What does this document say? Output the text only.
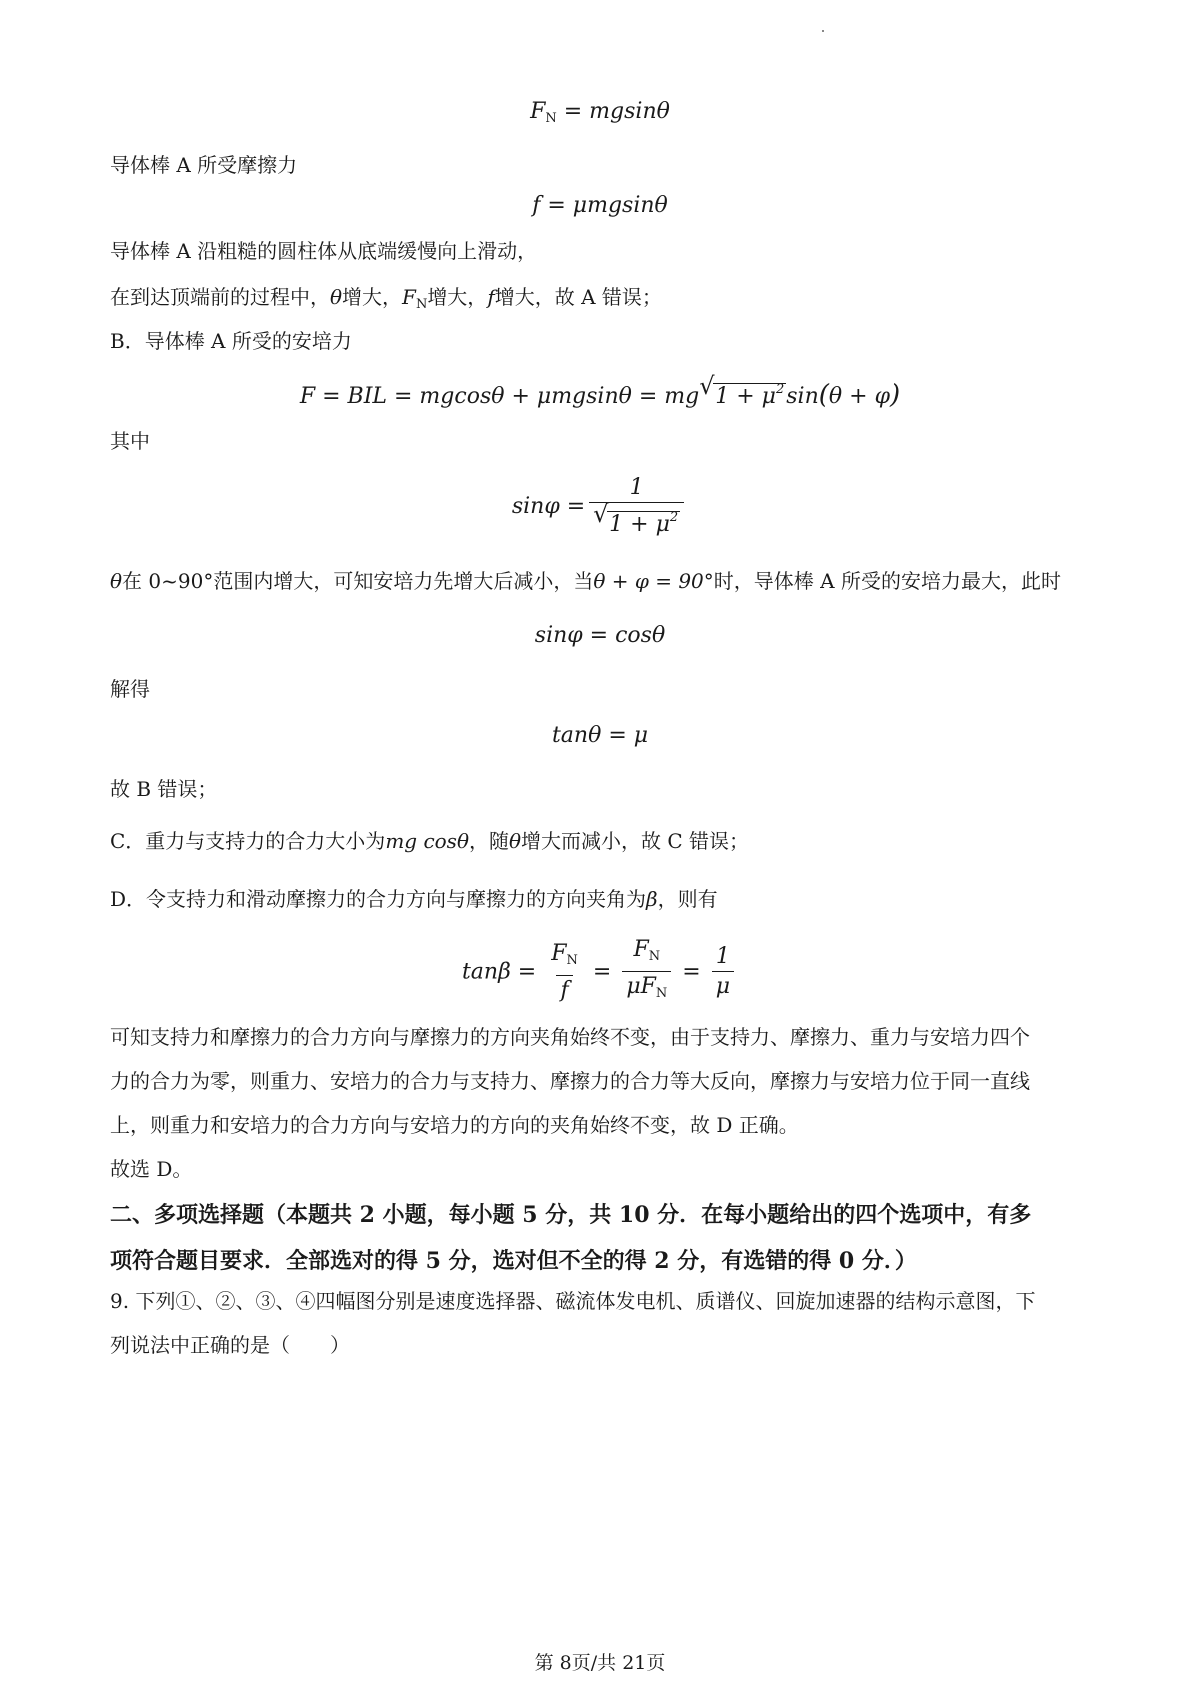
$F_N = mgsin\theta$
导体棒 A 所受摩擦力
f = μmgsinθ
导体棒 A 沿粗糙的圆柱体从底端缓慢向上滑动，
在到达顶端前的过程中，θ增大，$F_N$增大，f增大，故 A 错误；
B．导体棒 A 所受的安培力
F = BIL = mgcosθ + μmgsinθ = mg √ $1 + \mu^2\sin(\theta + \varphi)$
其中
$\sin\varphi = \frac{1}{√ 1 + \mu^2}$
θ在 0~90°范围内增大，可知安培力先增大后减小，当θ + φ = 90°时，导体棒 A 所受的安培力最大，此时
sinφ = cosθ
解得
tanθ = μ
故 B 错误；
C．重力与支持力的合力大小为mg cosθ，随θ增大而减小，故 C 错误；
D．令支持力和滑动摩擦力的合力方向与摩擦力的方向夹角为β，则有
$\tan\beta = \frac{F_N}{f} = \frac{F_N}{\mu F_N} = \frac{1}{\mu}$
可知支持力和摩擦力的合力方向与摩擦力的方向夹角始终不变，由于支持力、摩擦力、重力与安培力四个
力的合力为零，则重力、安培力的合力与支持力、摩擦力的合力等大反向，摩擦力与安培力位于同一直线
上，则重力和安培力的合力方向与安培力的方向的夹角始终不变，故 D 正确。
故选 D。
二、多项选择题（本题共 2 小题，每小题 5 分，共 10 分．在每小题给出的四个选项中，有多
项符合题目要求．全部选对的得 5 分，选对但不全的得 2 分，有选错的得 0 分．）
9. 下列①、②、③、④四幅图分别是速度选择器、磁流体发电机、质谱仪、回旋加速器的结构示意图，下
列说法中正确的是（　　）
第 8页/共 21页
